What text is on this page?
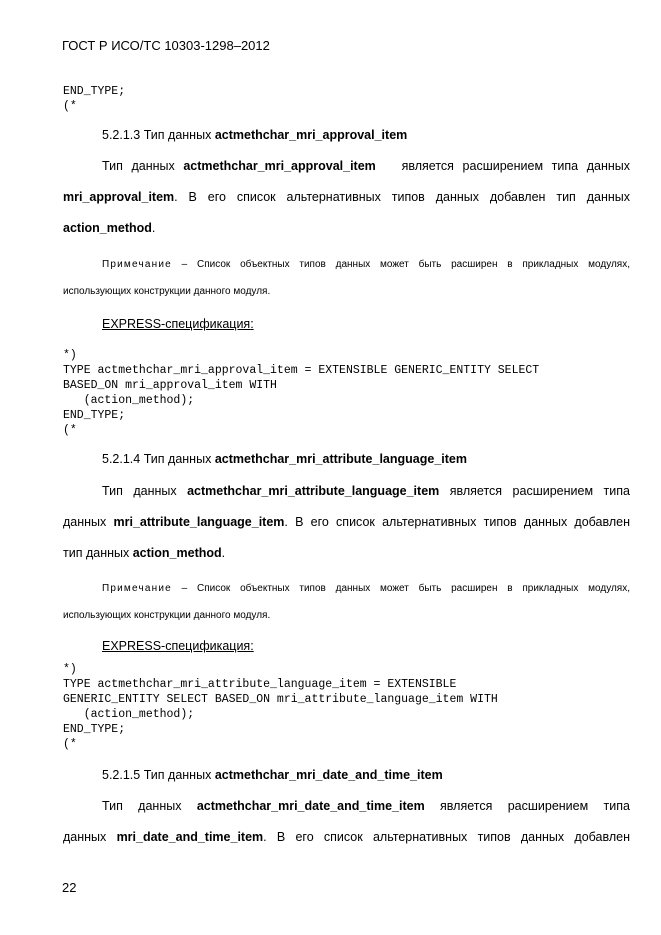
ГОСТ Р ИСО/ТС 10303-1298–2012
END_TYPE;
(*
5.2.1.3 Тип данных actmethchar_mri_approval_item

Тип данных actmethchar_mri_approval_item является расширением типа данных

mri_approval_item. В его список альтернативных типов данных добавлен тип данных

action_method.

Примечание – Список объектных типов данных может быть расширен в прикладных модулях,

использующих конструкции данного модуля.

EXPRESS-спецификация:
*)
TYPE actmethchar_mri_approval_item = EXTENSIBLE GENERIC_ENTITY SELECT
BASED_ON mri_approval_item WITH
(action_method);
END_TYPE;
(*
5.2.1.4 Тип данных actmethchar_mri_attribute_language_item

Тип данных actmethchar_mri_attribute_language_item является расширением типа

данных mri_attribute_language_item. В его список альтернативных типов данных добавлен

тип данных action_method.

Примечание – Список объектных типов данных может быть расширен в прикладных модулях,

использующих конструкции данного модуля.

EXPRESS-спецификация:
*)
TYPE actmethchar_mri_attribute_language_item = EXTENSIBLE
GENERIC_ENTITY SELECT BASED_ON mri_attribute_language_item WITH
(action_method);
END_TYPE;
(*
5.2.1.5 Тип данных actmethchar_mri_date_and_time_item

Тип данных actmethchar_mri_date_and_time_item является расширением типа

данных mri_date_and_time_item. В его список альтернативных типов данных добавлен

22
